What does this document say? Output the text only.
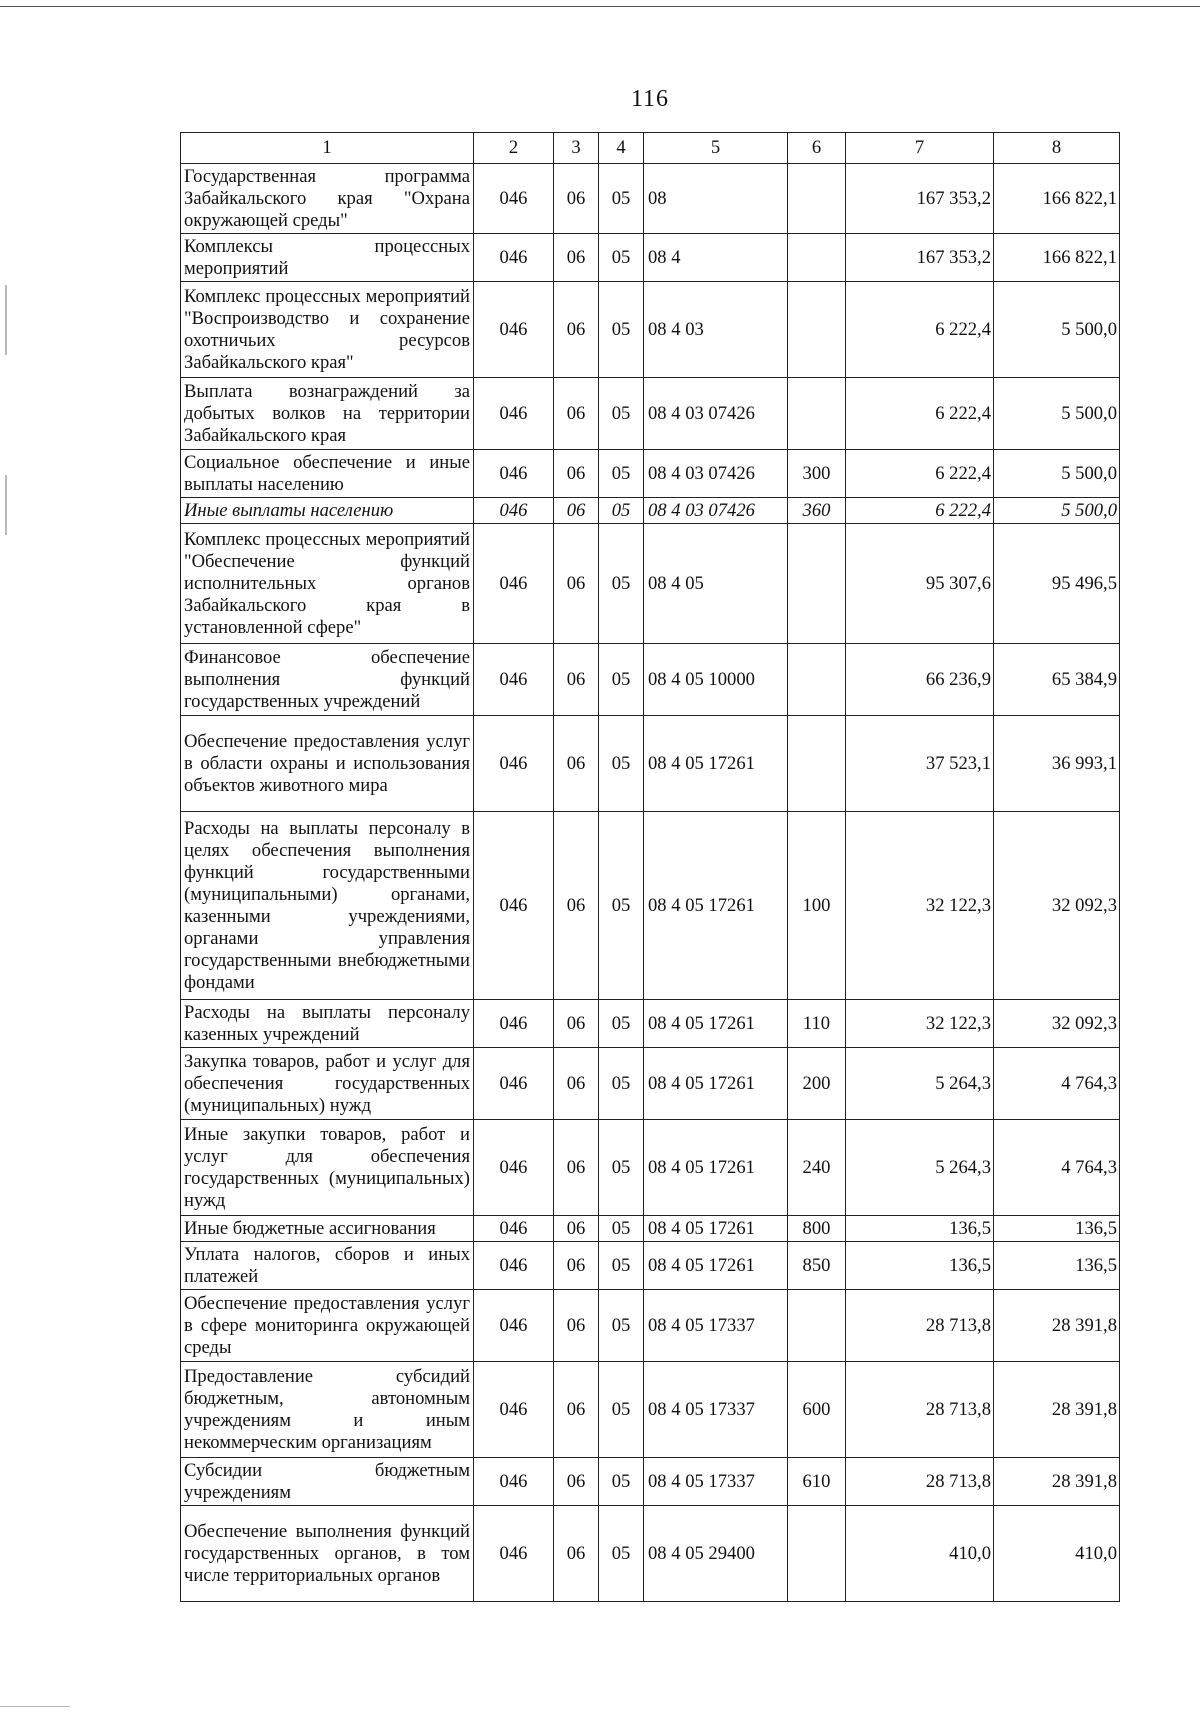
116
1	2	3	4	5	6	7	8
Государственная программа Забайкальского края "Охрана окружающей среды"	046	06	05	08		167 353,2	166 822,1
Комплексы процессных мероприятий	046	06	05	08 4		167 353,2	166 822,1
Комплекс процессных мероприятий "Воспроизводство и сохранение охотничьих ресурсов Забайкальского края"	046	06	05	08 4 03		6 222,4	5 500,0
Выплата вознаграждений за добытых волков на территории Забайкальского края	046	06	05	08 4 03 07426		6 222,4	5 500,0
Социальное обеспечение и иные выплаты населению	046	06	05	08 4 03 07426	300	6 222,4	5 500,0
Иные выплаты населению	046	06	05	08 4 03 07426	360	6 222,4	5 500,0
Комплекс процессных мероприятий "Обеспечение функций исполнительных органов Забайкальского края в установленной сфере"	046	06	05	08 4 05		95 307,6	95 496,5
Финансовое обеспечение выполнения функций государственных учреждений	046	06	05	08 4 05 10000		66 236,9	65 384,9
Обеспечение предоставления услуг в области охраны и использования объектов животного мира	046	06	05	08 4 05 17261		37 523,1	36 993,1
Расходы на выплаты персоналу в целях обеспечения выполнения функций государственными (муниципальными) органами, казенными учреждениями, органами управления государственными внебюджетными фондами	046	06	05	08 4 05 17261	100	32 122,3	32 092,3
Расходы на выплаты персоналу казенных учреждений	046	06	05	08 4 05 17261	110	32 122,3	32 092,3
Закупка товаров, работ и услуг для обеспечения государственных (муниципальных) нужд	046	06	05	08 4 05 17261	200	5 264,3	4 764,3
Иные закупки товаров, работ и услуг для обеспечения государственных (муниципальных) нужд	046	06	05	08 4 05 17261	240	5 264,3	4 764,3
Иные бюджетные ассигнования	046	06	05	08 4 05 17261	800	136,5	136,5
Уплата налогов, сборов и иных платежей	046	06	05	08 4 05 17261	850	136,5	136,5
Обеспечение предоставления услуг в сфере мониторинга окружающей среды	046	06	05	08 4 05 17337		28 713,8	28 391,8
Предоставление субсидий бюджетным, автономным учреждениям и иным некоммерческим организациям	046	06	05	08 4 05 17337	600	28 713,8	28 391,8
Субсидии бюджетным учреждениям	046	06	05	08 4 05 17337	610	28 713,8	28 391,8
Обеспечение выполнения функций государственных органов, в том числе территориальных органов	046	06	05	08 4 05 29400		410,0	410,0
